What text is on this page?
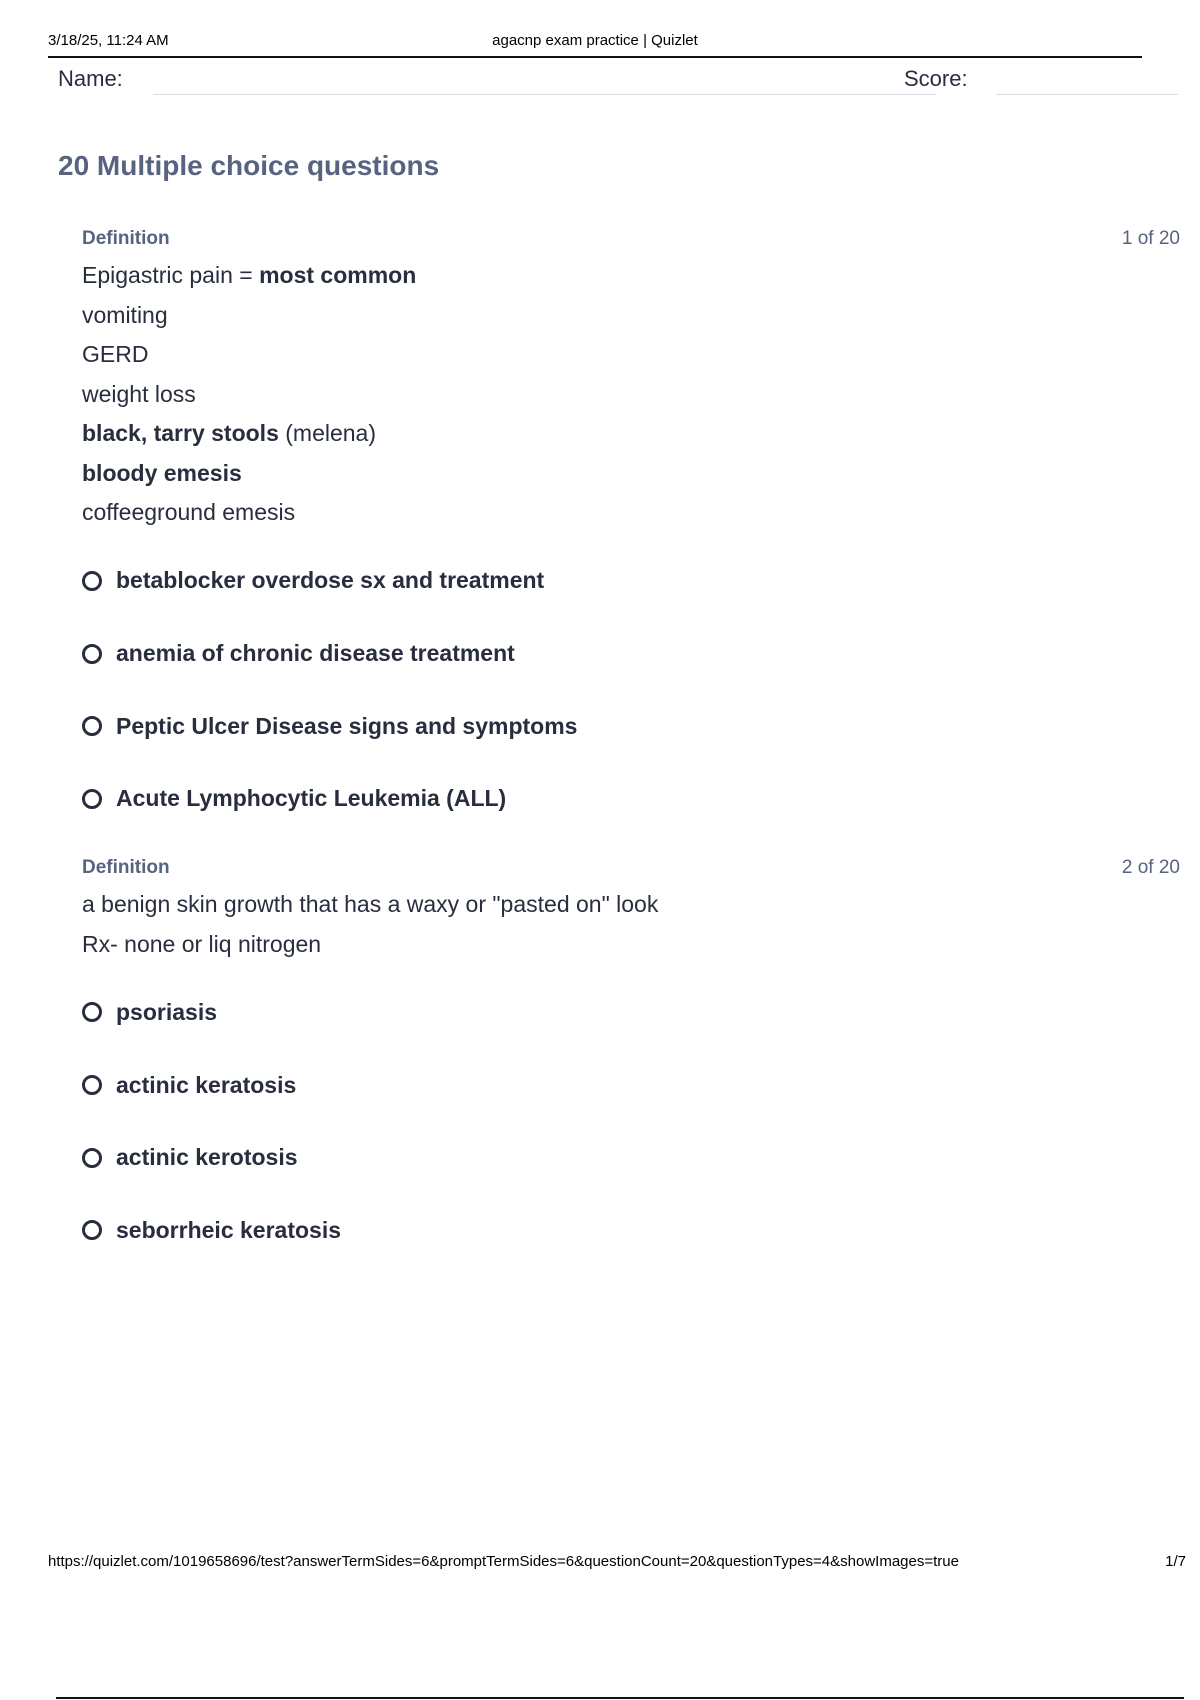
3/18/25, 11:24 AM	agacnp exam practice | Quizlet
Name:	Score:
20 Multiple choice questions
Definition	1 of 20

Epigastric pain = most common

vomiting

GERD

weight loss

black, tarry stools (melena)

bloody emesis

coffeeground emesis

betablocker overdose sx and treatment
anemia of chronic disease treatment
Peptic Ulcer Disease signs and symptoms
Acute Lymphocytic Leukemia (ALL)
Definition	2 of 20

a benign skin growth that has a waxy or "pasted on" look

Rx- none or liq nitrogen

psoriasis
actinic keratosis
actinic kerotosis
seborrheic keratosis
https://quizlet.com/1019658696/test?answerTermSides=6&promptTermSides=6&questionCount=20&questionTypes=4&showImages=true	1/7
